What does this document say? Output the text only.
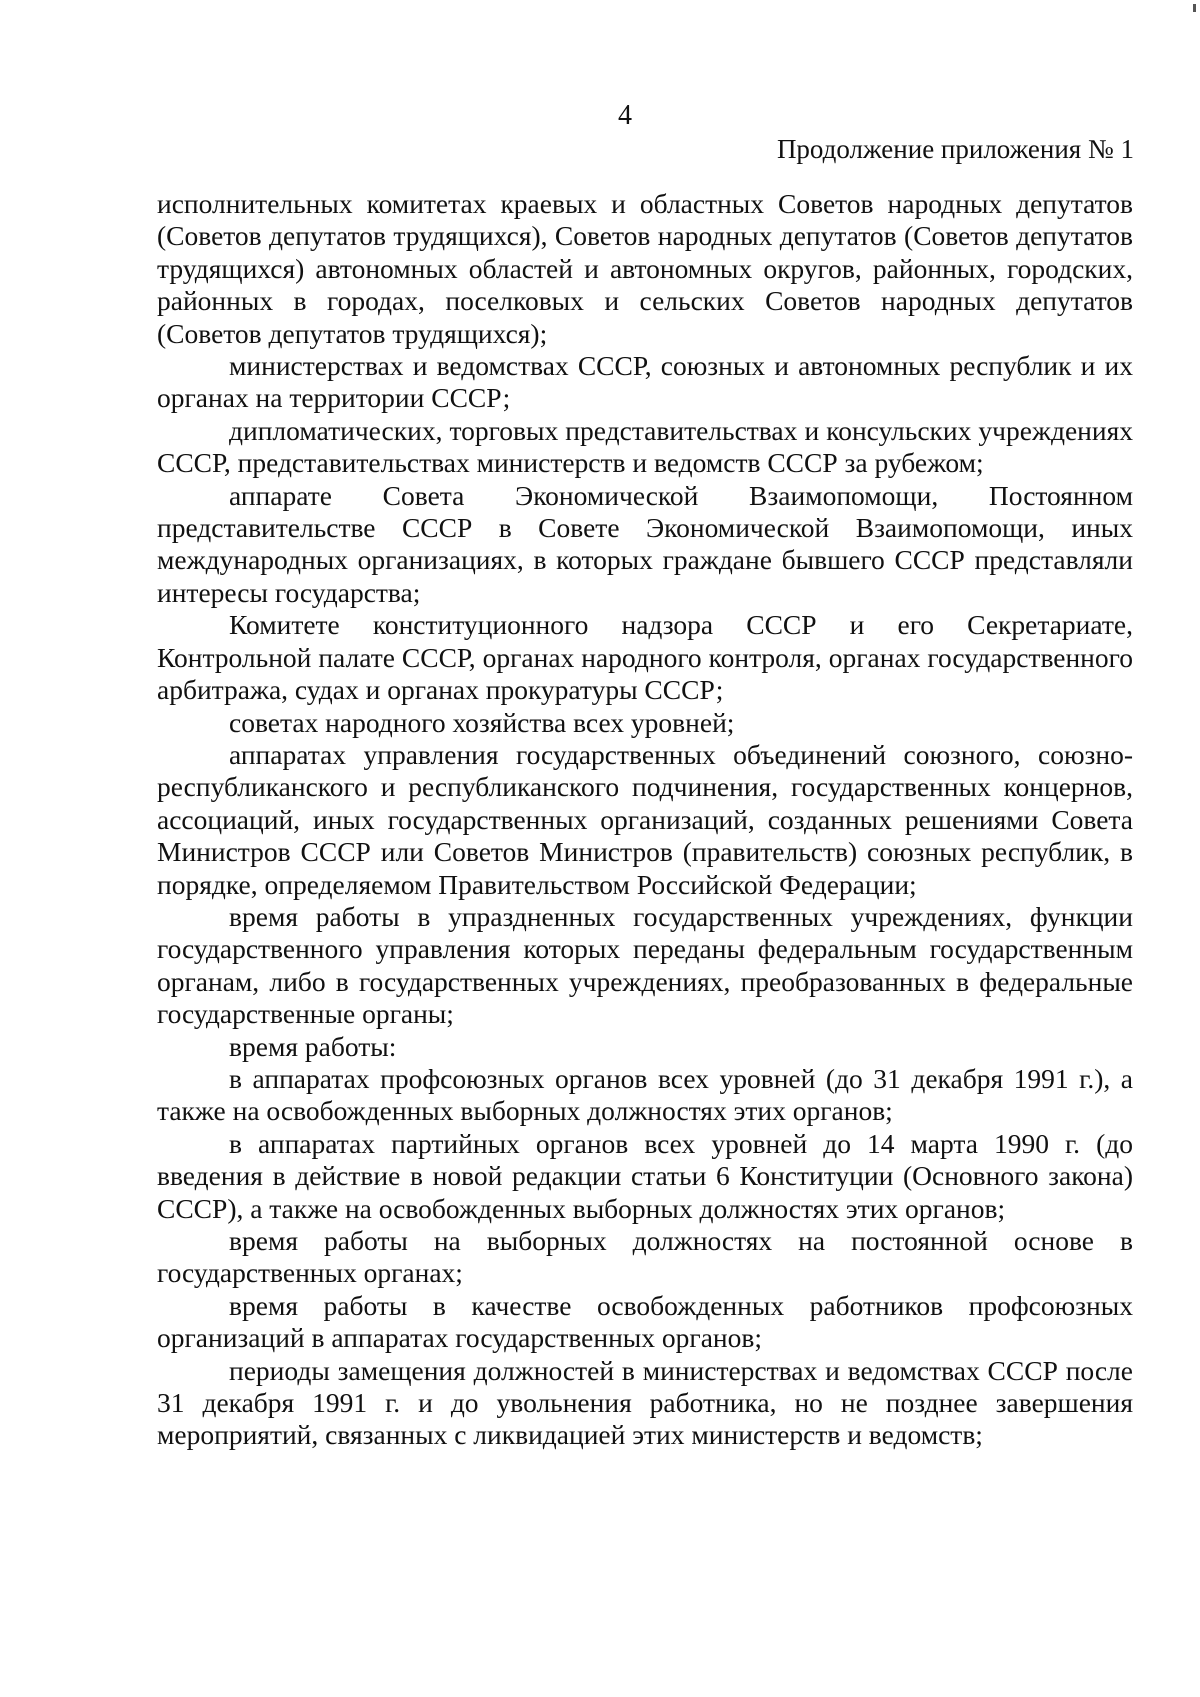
4
Продолжение приложения № 1

исполнительных комитетах краевых и областных Советов народных депутатов (Советов депутатов трудящихся), Советов народных депутатов (Советов депутатов трудящихся) автономных областей и автономных округов, районных, городских, районных в городах, поселковых и сельских Советов народных депутатов (Советов депутатов трудящихся);

министерствах и ведомствах СССР, союзных и автономных республик и их органах на территории СССР;

дипломатических, торговых представительствах и консульских учреждениях СССР, представительствах министерств и ведомств СССР за рубежом;

аппарате Совета Экономической Взаимопомощи, Постоянном представительстве СССР в Совете Экономической Взаимопомощи, иных международных организациях, в которых граждане бывшего СССР представляли интересы государства;

Комитете конституционного надзора СССР и его Секретариате, Контрольной палате СССР, органах народного контроля, органах государственного арбитража, судах и органах прокуратуры СССР;

советах народного хозяйства всех уровней;

аппаратах управления государственных объединений союзного, союзно-республиканского и республиканского подчинения, государственных концернов, ассоциаций, иных государственных организаций, созданных решениями Совета Министров СССР или Советов Министров (правительств) союзных республик, в порядке, определяемом Правительством Российской Федерации;

время работы в упраздненных государственных учреждениях, функции государственного управления которых переданы федеральным государственным органам, либо в государственных учреждениях, преобразованных в федеральные государственные органы;

время работы:

в аппаратах профсоюзных органов всех уровней (до 31 декабря 1991 г.), а также на освобожденных выборных должностях этих органов;

в аппаратах партийных органов всех уровней до 14 марта 1990 г. (до введения в действие в новой редакции статьи 6 Конституции (Основного закона) СССР), а также на освобожденных выборных должностях этих органов;

время работы на выборных должностях на постоянной основе в государственных органах;

время работы в качестве освобожденных работников профсоюзных организаций в аппаратах государственных органов;

периоды замещения должностей в министерствах и ведомствах СССР после 31 декабря 1991 г. и до увольнения работника, но не позднее завершения мероприятий, связанных с ликвидацией этих министерств и ведомств;
